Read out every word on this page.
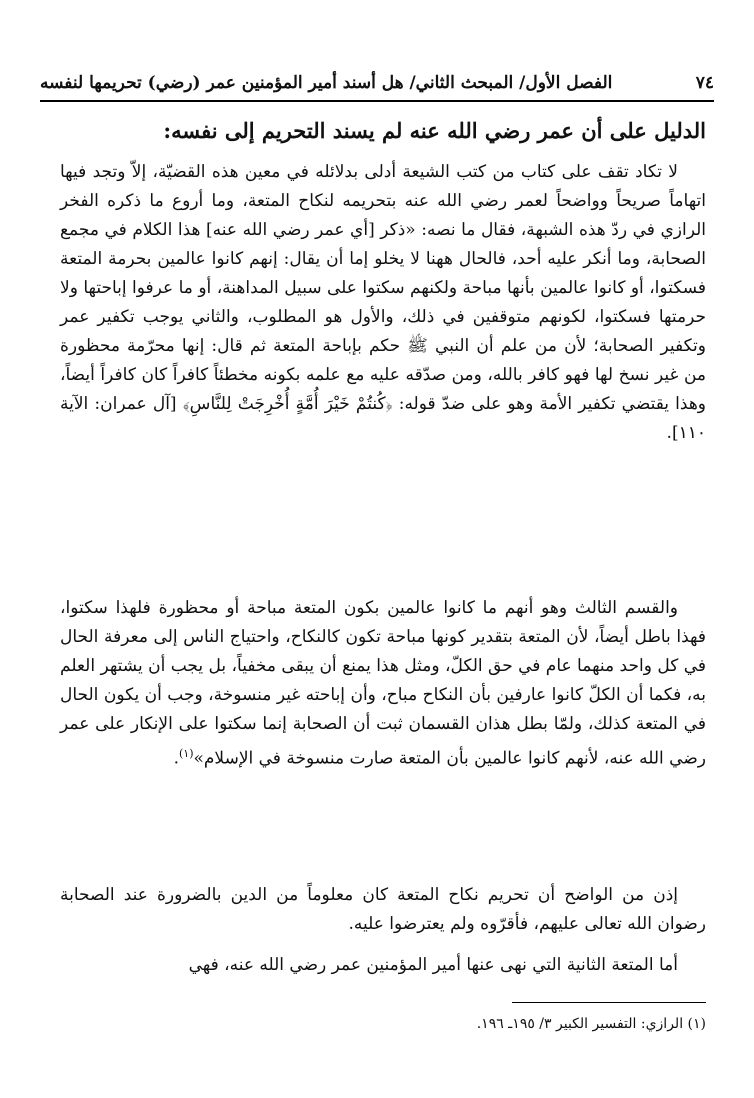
٧٤
الفصل الأول/ المبحث الثاني/ هل أسند أمير المؤمنين عمر (رضي) تحريمها لنفسه
الدليل على أن عمر رضي الله عنه لم يسند التحريم إلى نفسه:
لا تكاد تقف على كتاب من كتب الشيعة أدلى بدلائله في معين هذه القضيّة، إلاّ وتجد فيها اتهاماً صريحاً وواضحاً لعمر رضي الله عنه بتحريمه لنكاح المتعة، وما أروع ما ذكره الفخر الرازي في ردّ هذه الشبهة، فقال ما نصه: «ذكر [أي عمر رضي الله عنه] هذا الكلام في مجمع الصحابة، وما أنكر عليه أحد، فالحال ههنا لا يخلو إما أن يقال: إنهم كانوا عالمين بحرمة المتعة فسكتوا، أو كانوا عالمين بأنها مباحة ولكنهم سكتوا على سبيل المداهنة، أو ما عرفوا إباحتها ولا حرمتها فسكتوا، لكونهم متوقفين في ذلك، والأول هو المطلوب، والثاني يوجب تكفير عمر وتكفير الصحابة؛ لأن من علم أن النبي ﷺ حكم بإباحة المتعة ثم قال: إنها محرّمة محظورة من غير نسخ لها فهو كافر بالله، ومن صدّقه عليه مع علمه بكونه مخطئاً كافراً كان كافراً أيضاً، وهذا يقتضي تكفير الأمة وهو على ضدّ قوله: ﴿كُنتُمْ خَيْرَ أُمَّةٍ أُخْرِجَتْ لِلنَّاسِ﴾ [آل عمران: الآية ١١٠].
والقسم الثالث وهو أنهم ما كانوا عالمين بكون المتعة مباحة أو محظورة فلهذا سكتوا، فهذا باطل أيضاً، لأن المتعة بتقدير كونها مباحة تكون كالنكاح، واحتياج الناس إلى معرفة الحال في كل واحد منهما عام في حق الكلّ، ومثل هذا يمنع أن يبقى مخفياً، بل يجب أن يشتهر العلم به، فكما أن الكلّ كانوا عارفين بأن النكاح مباح، وأن إباحته غير منسوخة، وجب أن يكون الحال في المتعة كذلك، ولمّا بطل هذان القسمان ثبت أن الصحابة إنما سكتوا على الإنكار على عمر رضي الله عنه، لأنهم كانوا عالمين بأن المتعة صارت منسوخة في الإسلام»$^{(١)}$.
إذن من الواضح أن تحريم نكاح المتعة كان معلوماً من الدين بالضرورة عند الصحابة رضوان الله تعالى عليهم، فأقرّوه ولم يعترضوا عليه.
أما المتعة الثانية التي نهى عنها أمير المؤمنين عمر رضي الله عنه، فهي
(١) الرازي: التفسير الكبير ٣/ ١٩٥ـ ١٩٦.
